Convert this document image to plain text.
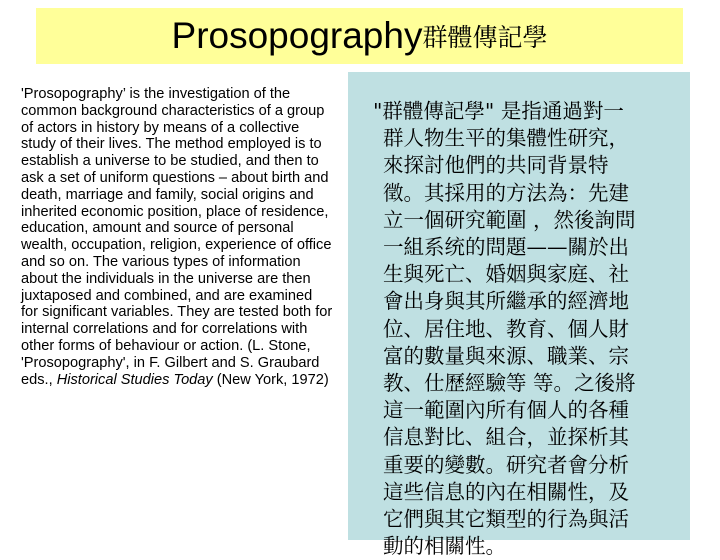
Prosopography 群體傳記學
'Prosopography’ is the investigation of the common background characteristics of a group of actors in history by means of a collective study of their lives. The method employed is to establish a universe to be studied, and then to ask a set of uniform questions – about birth and death, marriage and family, social origins and inherited economic position, place of residence, education, amount and source of personal wealth, occupation, religion, experience of office and so on. The various types of information about the individuals in the universe are then juxtaposed and combined, and are examined for significant variables. They are tested both for internal correlations and for correlations with other forms of behaviour or action. (L. Stone, 'Prosopography', in F. Gilbert and S. Graubard eds., Historical Studies Today (New York, 1972)
"群體傳記學" 是指通過對一
群人物生平的集體性研究，
來探討他們的共同背景特
徵。其採用的方法為：先建
立一個研究範圍 ，然後詢問
一組系统的問題——關於出
生與死亡、婚姻與家庭、社
會出身與其所繼承的經濟地
位、居住地、教育、個人財
富的數量與來源、職業、宗
教、仕歷經驗等 等。之後將
這一範圍內所有個人的各種
信息對比、組合，並探析其
重要的變數。研究者會分析
這些信息的內在相關性，及
它們與其它類型的行為與活
動的相關性。
